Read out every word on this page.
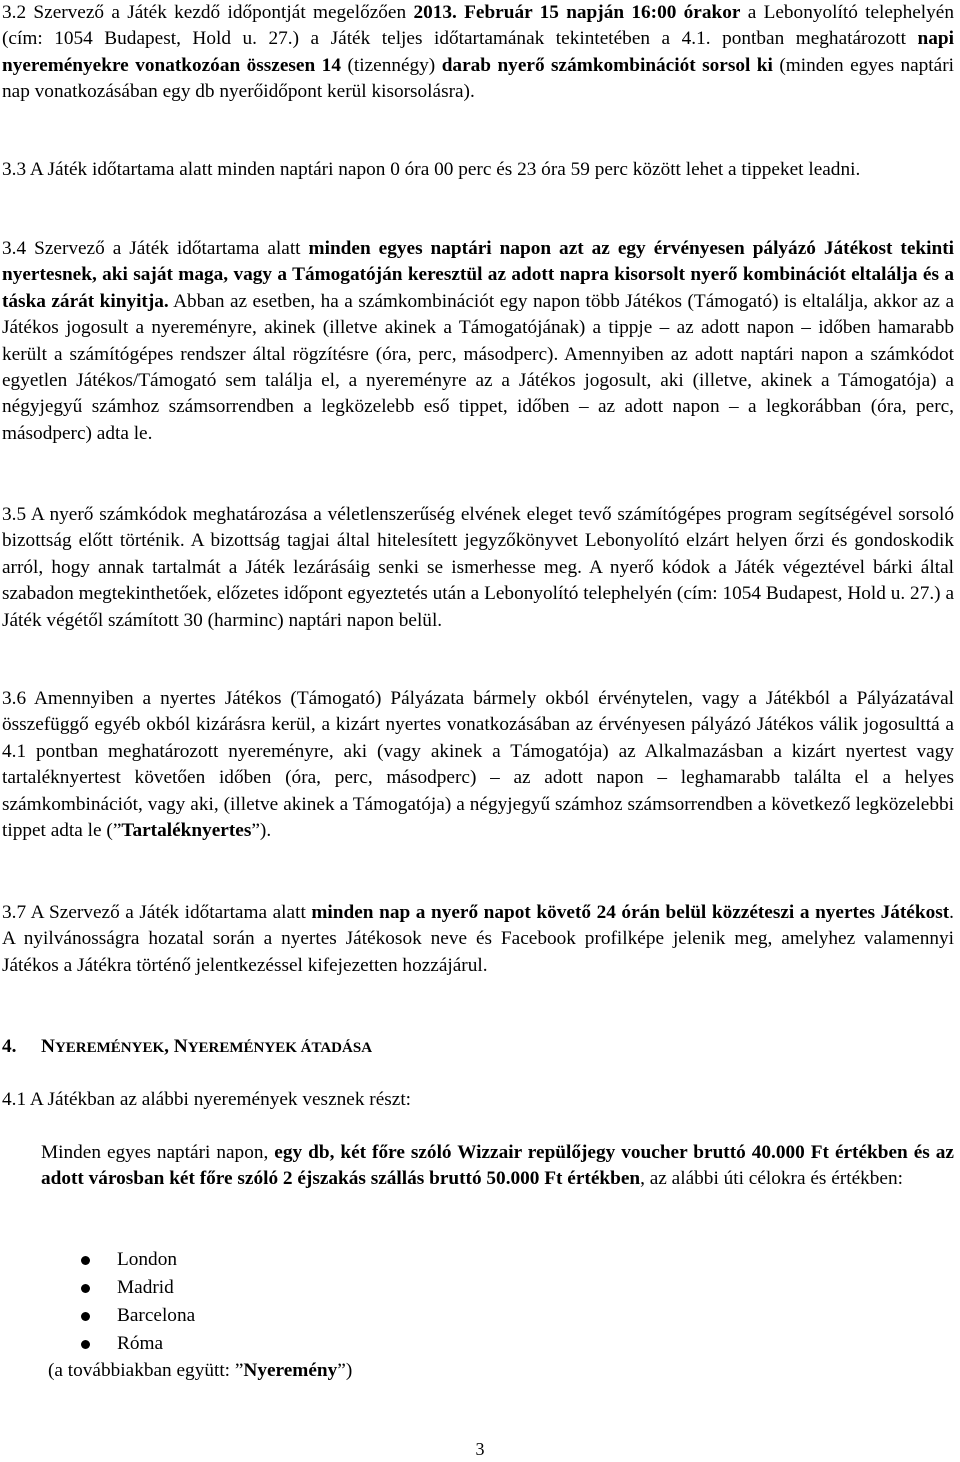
3.2 Szervező a Játék kezdő időpontját megelőzően 2013. Február 15 napján 16:00 órakor a Lebonyolító telephelyén (cím: 1054 Budapest, Hold u. 27.) a Játék teljes időtartamának tekintetében a 4.1. pontban meghatározott napi nyereményekre vonatkozóan összesen 14 (tizennégy) darab nyerő számkombinációt sorsol ki (minden egyes naptári nap vonatkozásában egy db nyerőidőpont kerül kisorsolásra).

3.3 A Játék időtartama alatt minden naptári napon 0 óra 00 perc és 23 óra 59 perc között lehet a tippeket leadni.

3.4 Szervező a Játék időtartama alatt minden egyes naptári napon azt az egy érvényesen pályázó Játékost tekinti nyertesnek, aki saját maga, vagy a Támogatóján keresztül az adott napra kisorsolt nyerő kombinációt eltalálja és a táska zárát kinyitja. Abban az esetben, ha a számkombinációt egy napon több Játékos (Támogató) is eltalálja, akkor az a Játékos jogosult a nyereményre, akinek (illetve akinek a Támogatójának) a tippje – az adott napon – időben hamarabb került a számítógépes rendszer által rögzítésre (óra, perc, másodperc). Amennyiben az adott naptári napon a számkódot egyetlen Játékos/Támogató sem találja el, a nyereményre az a Játékos jogosult, aki (illetve, akinek a Támogatója) a négyjegyű számhoz számsorrendben a legközelebb eső tippet, időben – az adott napon – a legkorábban (óra, perc, másodperc) adta le.

3.5 A nyerő számkódok meghatározása a véletlenszerűség elvének eleget tevő számítógépes program segítségével sorsoló bizottság előtt történik. A bizottság tagjai által hitelesített jegyzőkönyvet Lebonyolító elzárt helyen őrzi és gondoskodik arról, hogy annak tartalmát a Játék lezárásáig senki se ismerhesse meg. A nyerő kódok a Játék végeztével bárki által szabadon megtekinthetőek, előzetes időpont egyeztetés után a Lebonyolító telephelyén (cím: 1054 Budapest, Hold u. 27.) a Játék végétől számított 30 (harminc) naptári napon belül.

3.6 Amennyiben a nyertes Játékos (Támogató) Pályázata bármely okból érvénytelen, vagy a Játékból a Pályázatával összefüggő egyéb okból kizárásra kerül, a kizárt nyertes vonatkozásában az érvényesen pályázó Játékos válik jogosulttá a 4.1 pontban meghatározott nyereményre, aki (vagy akinek a Támogatója) az Alkalmazásban a kizárt nyertest vagy tartaléknyertest követően időben (óra, perc, másodperc) – az adott napon – leghamarabb találta el a helyes számkombinációt, vagy aki, (illetve akinek a Támogatója) a négyjegyű számhoz számsorrendben a következő legközelebbi tippet adta le (”Tartaléknyertes”).

3.7 A Szervező a Játék időtartama alatt minden nap a nyerő napot követő 24 órán belül közzéteszi a nyertes Játékost. A nyilvánosságra hozatal során a nyertes Játékosok neve és Facebook profilképe jelenik meg, amelyhez valamennyi Játékos a Játékra történő jelentkezéssel kifejezetten hozzájárul.

4. NYEREMÉNYEK, NYEREMÉNYEK ÁTADÁSA

4.1 A Játékban az alábbi nyeremények vesznek részt:

Minden egyes naptári napon, egy db, két főre szóló Wizzair repülőjegy voucher bruttó 40.000 Ft értékben és az adott városban két főre szóló 2 éjszakás szállás bruttó 50.000 Ft értékben, az alábbi úti célokra és értékben:

London
Madrid
Barcelona
Róma
(a továbbiakban együtt: ”Nyeremény”)
3
